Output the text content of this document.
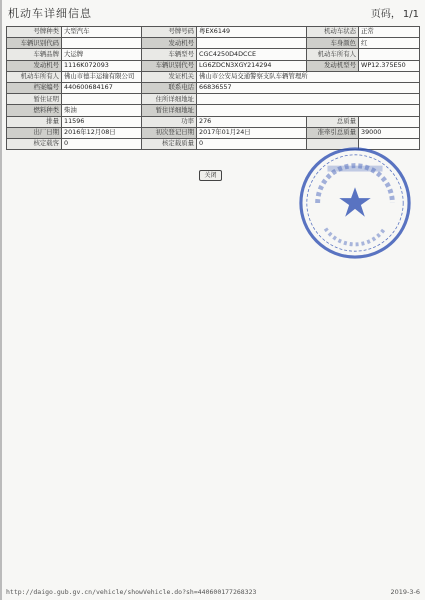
机动车详细信息	页码， 1/1
号牌种类	大型汽车	号牌号码	粤EX6149	机动车状态	正常
车辆识别代码		发动机号		车身颜色	红
车辆品牌	大运牌	车辆型号	CGC4250D4DCCE	机动车所有人	
发动机号	1116K072093	车辆识别代号	LG6ZDCN3XGY214294	发动机型号	WP12.375E50
机动车所有人	佛山市德丰运输有限公司	发证机关	佛山市公安局交通警察支队车辆管理所		
档案编号	440600684167	联系电话	66836557		
暂住证明		住所详细地址			
燃料种类	柴油	暂住详细地址			
排量	11596	功率	276	总质量	
出厂日期	2016年12月08日	初次登记日期	2017年01月24日	准牵引总质量	39000
核定载客	0	核定载质量	0		
关闭
http://daigo.gub.gv.cn/vehicle/showVehicle.do?sh=440600177268323	2019-3-6
